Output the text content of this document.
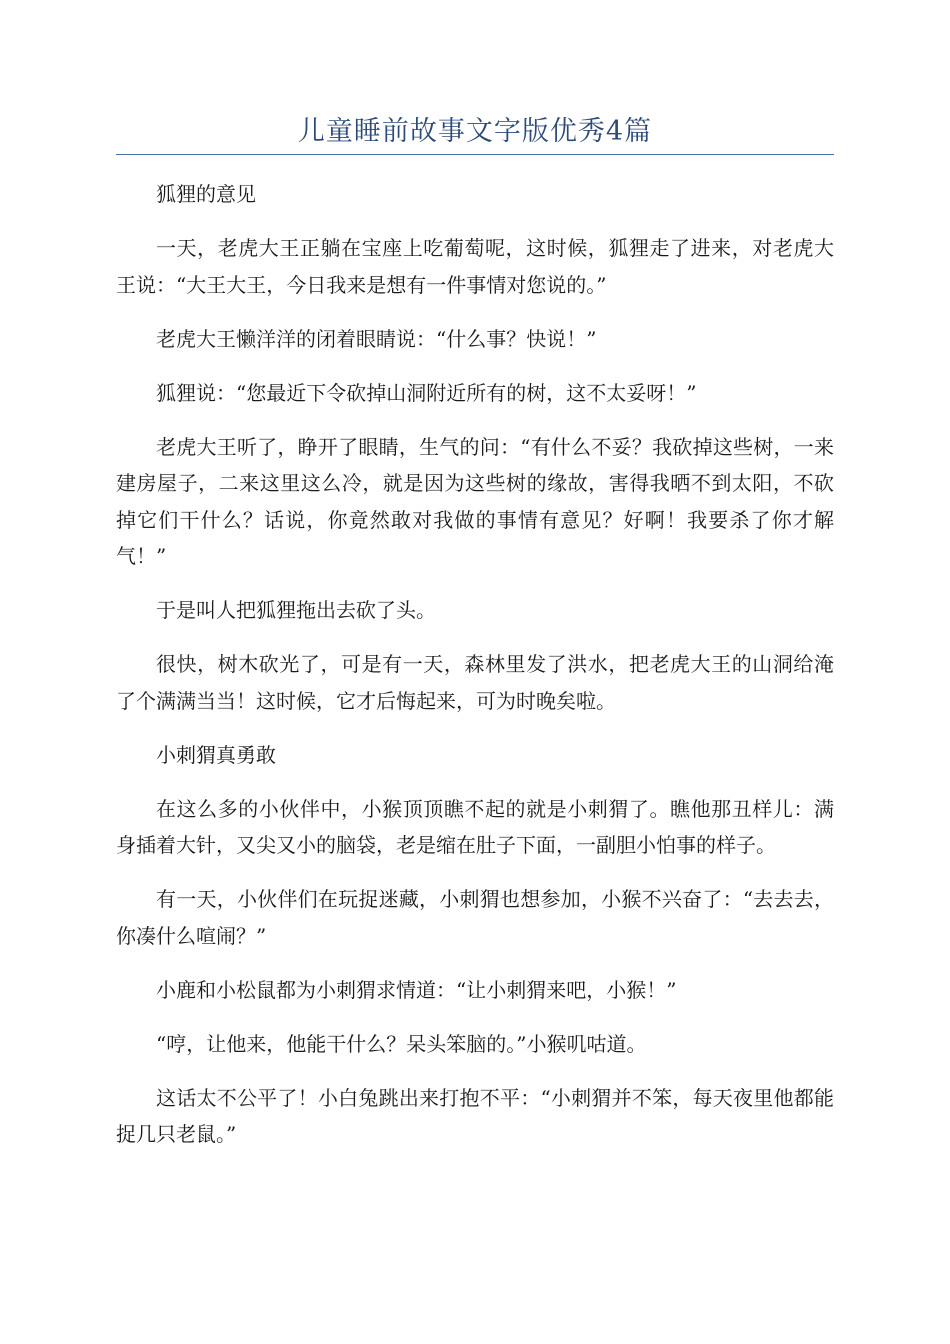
儿童睡前故事文字版优秀4篇

狐狸的意见

一天，老虎大王正躺在宝座上吃葡萄呢，这时候，狐狸走了进来，对老虎大王说：“大王大王，今日我来是想有一件事情对您说的。”

老虎大王懒洋洋的闭着眼睛说：“什么事？快说！”

狐狸说：“您最近下令砍掉山洞附近所有的树，这不太妥呀！”

老虎大王听了，睁开了眼睛，生气的问：“有什么不妥？我砍掉这些树，一来建房屋子，二来这里这么冷，就是因为这些树的缘故，害得我晒不到太阳，不砍掉它们干什么？话说，你竟然敢对我做的事情有意见？好啊！我要杀了你才解气！”

于是叫人把狐狸拖出去砍了头。

很快，树木砍光了，可是有一天，森林里发了洪水，把老虎大王的山洞给淹了个满满当当！这时候，它才后悔起来，可为时晚矣啦。

小刺猬真勇敢

在这么多的小伙伴中，小猴顶顶瞧不起的就是小刺猬了。瞧他那丑样儿：满身插着大针，又尖又小的脑袋，老是缩在肚子下面，一副胆小怕事的样子。

有一天，小伙伴们在玩捉迷藏，小刺猬也想参加，小猴不兴奋了：“去去去，你凑什么喧闹？”

小鹿和小松鼠都为小刺猬求情道：“让小刺猬来吧，小猴！”

“哼，让他来，他能干什么？呆头笨脑的。”小猴叽咕道。

这话太不公平了！小白兔跳出来打抱不平：“小刺猬并不笨，每天夜里他都能捉几只老鼠。”
